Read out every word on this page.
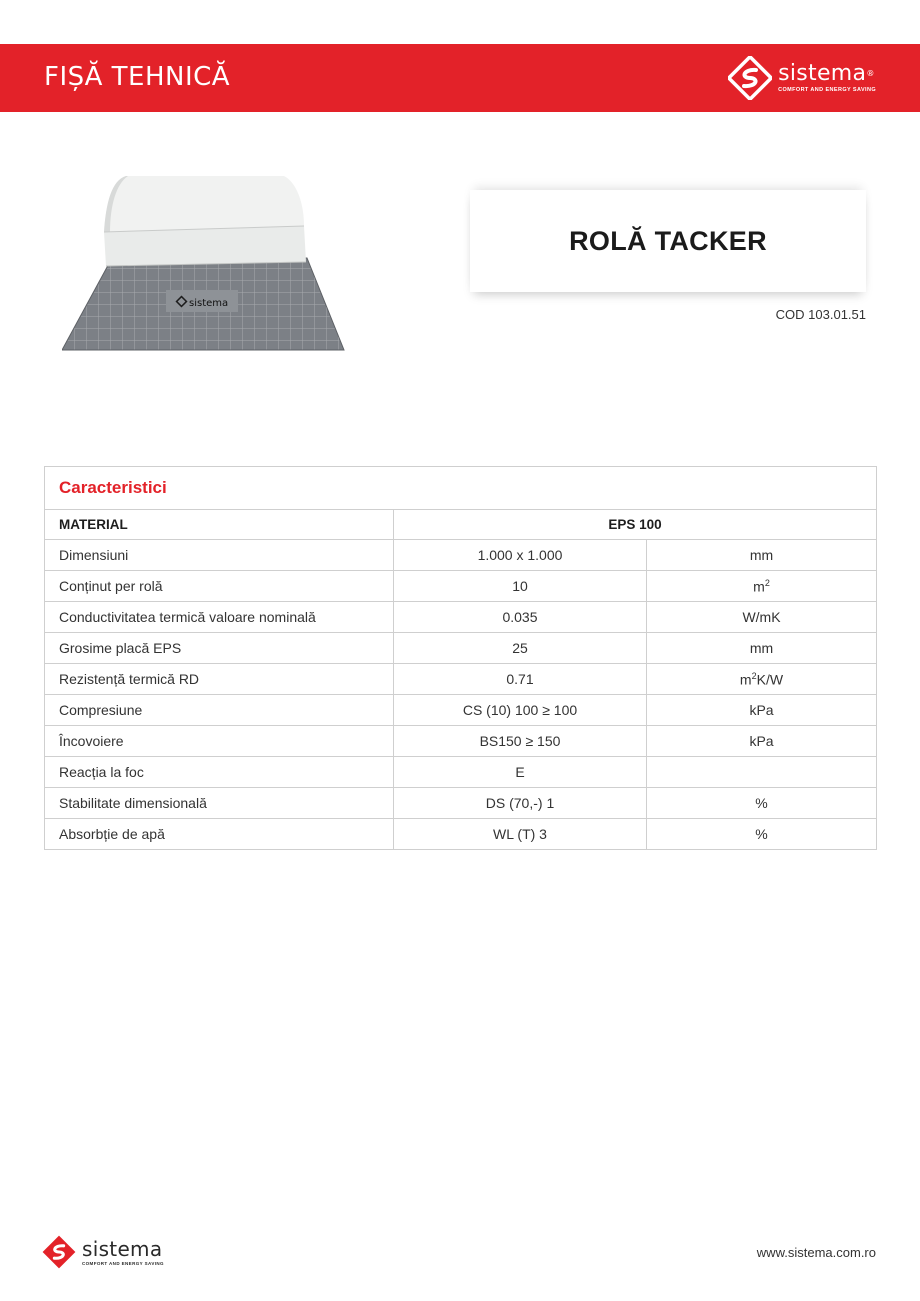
FIȘĂ TEHNICĂ	sistema®
COMFORT AND ENERGY SAVING
sistema
ROLĂ TACKER
COD 103.01.51
Caracteristici		
MATERIAL	EPS 100	
Dimensiuni	1.000 x 1.000	mm
Conținut per rolă	10	$m^2$
Conductivitatea termică valoare nominală	0.035	W/mK
Grosime placă EPS	25	mm
Rezistență termică RD	0.71	$m^2K/W$
Compresiune	CS (10) 100 ≥ 100	kPa
Încovoiere	BS150 ≥ 150	kPa
Reacția la foc	E	
Stabilitate dimensională	DS (70,-) 1	%
Absorbție de apă	WL (T) 3	%
sistema
COMFORT AND ENERGY SAVING
www.sistema.com.ro
